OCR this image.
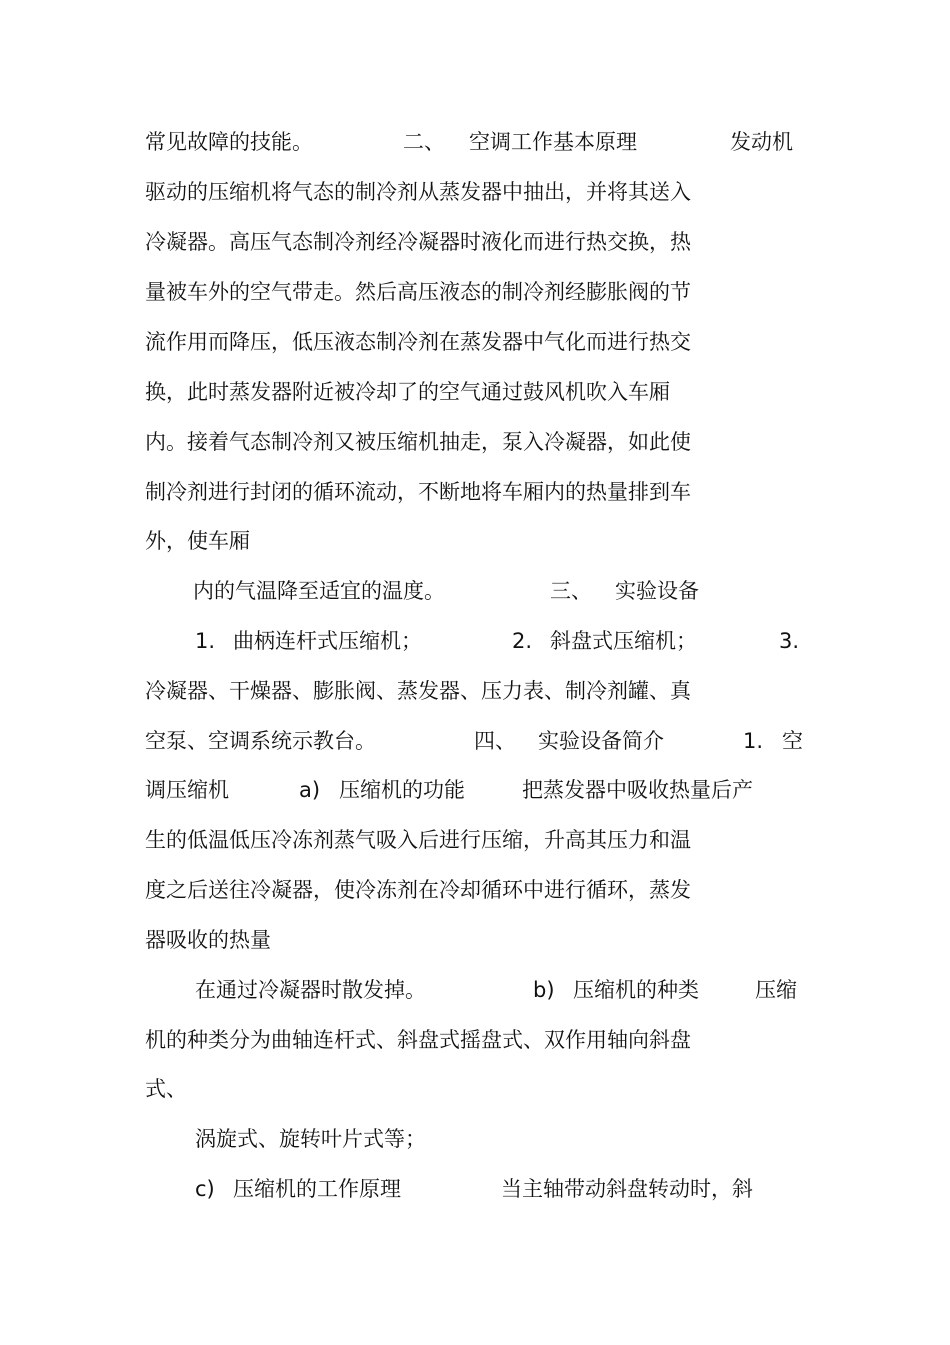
常见故障的技能。	二、 空调工作基本原理	发动机
驱动的压缩机将气态的制冷剂从蒸发器中抽出，并将其送入
冷凝器。高压气态制冷剂经冷凝器时液化而进行热交换，热
量被车外的空气带走。然后高压液态的制冷剂经膨胀阀的节
流作用而降压，低压液态制冷剂在蒸发器中气化而进行热交
换，此时蒸发器附近被冷却了的空气通过鼓风机吹入车厢
内。接着气态制冷剂又被压缩机抽走，泵入冷凝器，如此使
制冷剂进行封闭的循环流动，不断地将车厢内的热量排到车
外，使车厢
内的气温降至适宜的温度。	三、 实验设备
1. 曲柄连杆式压缩机；	2. 斜盘式压缩机；	3.
冷凝器、干燥器、膨胀阀、蒸发器、压力表、制冷剂罐、真
空泵、空调系统示教台。	四、 实验设备简介	1. 空
调压缩机	a) 压缩机的功能	把蒸发器中吸收热量后产
生的低温低压冷冻剂蒸气吸入后进行压缩，升高其压力和温
度之后送往冷凝器，使冷冻剂在冷却循环中进行循环，蒸发
器吸收的热量
在通过冷凝器时散发掉。	b) 压缩机的种类	压缩
机的种类分为曲轴连杆式、斜盘式摇盘式、双作用轴向斜盘
式、
涡旋式、旋转叶片式等；
c) 压缩机的工作原理	当主轴带动斜盘转动时，斜
